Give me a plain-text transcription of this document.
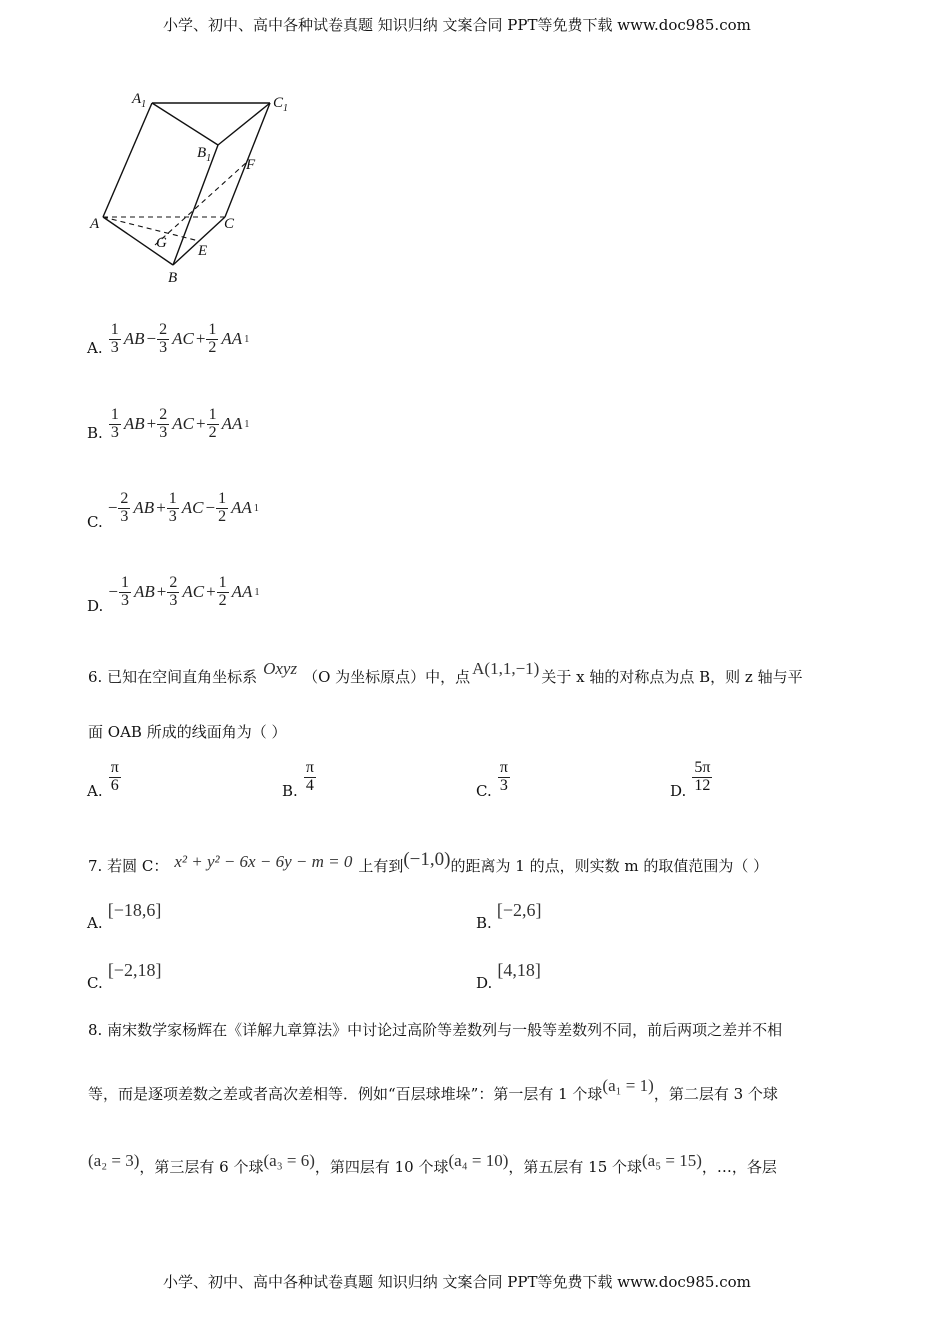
小学、初中、高中各种试卷真题 知识归纳 文案合同 PPT等免费下载 www.doc985.com
$A_1$	$C_1$
$B_1$ F
A	C
G E
B
A. $\frac{1}{3}$ AB − $\frac{2}{3}$ AC + $\frac{1}{2}$ AA 1
B. $\frac{1}{3}$ AB + $\frac{2}{3}$ AC + $\frac{1}{2}$ AA 1
C.
− $\frac{2}{3}$ AB + $\frac{1}{3}$ AC − $\frac{1}{2}$ AA 1
D.
− $\frac{1}{3}$ AB + $\frac{2}{3}$ AC + $\frac{1}{2}$ AA 1
6. 已知在空间直角坐标系 Oxyz （O 为坐标原点）中，点 A(1,1,−1) 关于 x 轴的对称点为点 B，则 z 轴与平
面 OAB 所成的线面角为（ ）
A. $\frac{\pi}{6}$	B. $\frac{\pi}{4}$	C. $\frac{\pi}{3}$	D. $\frac{5\pi}{12}$
7. 若圆 C： x² + y² − 6x − 6y − m = 0 上有到(−1,0)的距离为 1 的点，则实数 m 的取值范围为（ ）
A. [−18,6]
B. [−2,6]
C. [−2,18]
D. [4,18]
8. 南宋数学家杨辉在《详解九章算法》中讨论过高阶等差数列与一般等差数列不同，前后两项之差并不相
等，而是逐项差数之差或者高次差相等．例如“百层球堆垛”：第一层有 1 个球(a₁ = 1)，第二层有 3 个球
(a₂ = 3)，第三层有 6 个球(a₃ = 6)，第四层有 10 个球(a₄ = 10)，第五层有 15 个球(a₅ = 15)，…，各层
小学、初中、高中各种试卷真题 知识归纳 文案合同 PPT等免费下载 www.doc985.com
